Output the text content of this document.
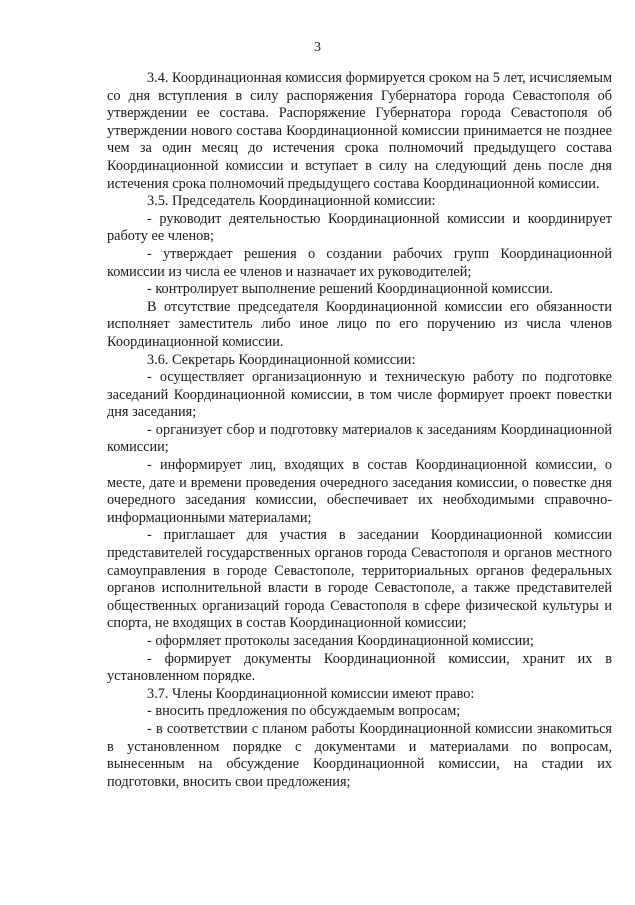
3

3.4. Координационная комиссия формируется сроком на 5 лет, исчисляемым со дня вступления в силу распоряжения Губернатора города Севастополя об утверждении ее состава. Распоряжение Губернатора города Севастополя об утверждении нового состава Координационной комиссии принимается не позднее чем за один месяц до истечения срока полномочий предыдущего состава Координационной комиссии и вступает в силу на следующий день после дня истечения срока полномочий предыдущего состава Координационной комиссии.

3.5. Председатель Координационной комиссии:

- руководит деятельностью Координационной комиссии и координирует работу ее членов;

- утверждает решения о создании рабочих групп Координационной комиссии из числа ее членов и назначает их руководителей;

- контролирует выполнение решений Координационной комиссии.

В отсутствие председателя Координационной комиссии его обязанности исполняет заместитель либо иное лицо по его поручению из числа членов Координационной комиссии.

3.6. Секретарь Координационной комиссии:

- осуществляет организационную и техническую работу по подготовке заседаний Координационной комиссии, в том числе формирует проект повестки дня заседания;

- организует сбор и подготовку материалов к заседаниям Координационной комиссии;

- информирует лиц, входящих в состав Координационной комиссии, о месте, дате и времени проведения очередного заседания комиссии, о повестке дня очередного заседания комиссии, обеспечивает их необходимыми справочно-информационными материалами;

- приглашает для участия в заседании Координационной комиссии представителей государственных органов города Севастополя и органов местного самоуправления в городе Севастополе, территориальных органов федеральных органов исполнительной власти в городе Севастополе, а также представителей общественных организаций города Севастополя в сфере физической культуры и спорта, не входящих в состав Координационной комиссии;

- оформляет протоколы заседания Координационной комиссии;

- формирует документы Координационной комиссии, хранит их в установленном порядке.

3.7. Члены Координационной комиссии имеют право:

- вносить предложения по обсуждаемым вопросам;

- в соответствии с планом работы Координационной комиссии знакомиться в установленном порядке с документами и материалами по вопросам, вынесенным на обсуждение Координационной комиссии, на стадии их подготовки, вносить свои предложения;
